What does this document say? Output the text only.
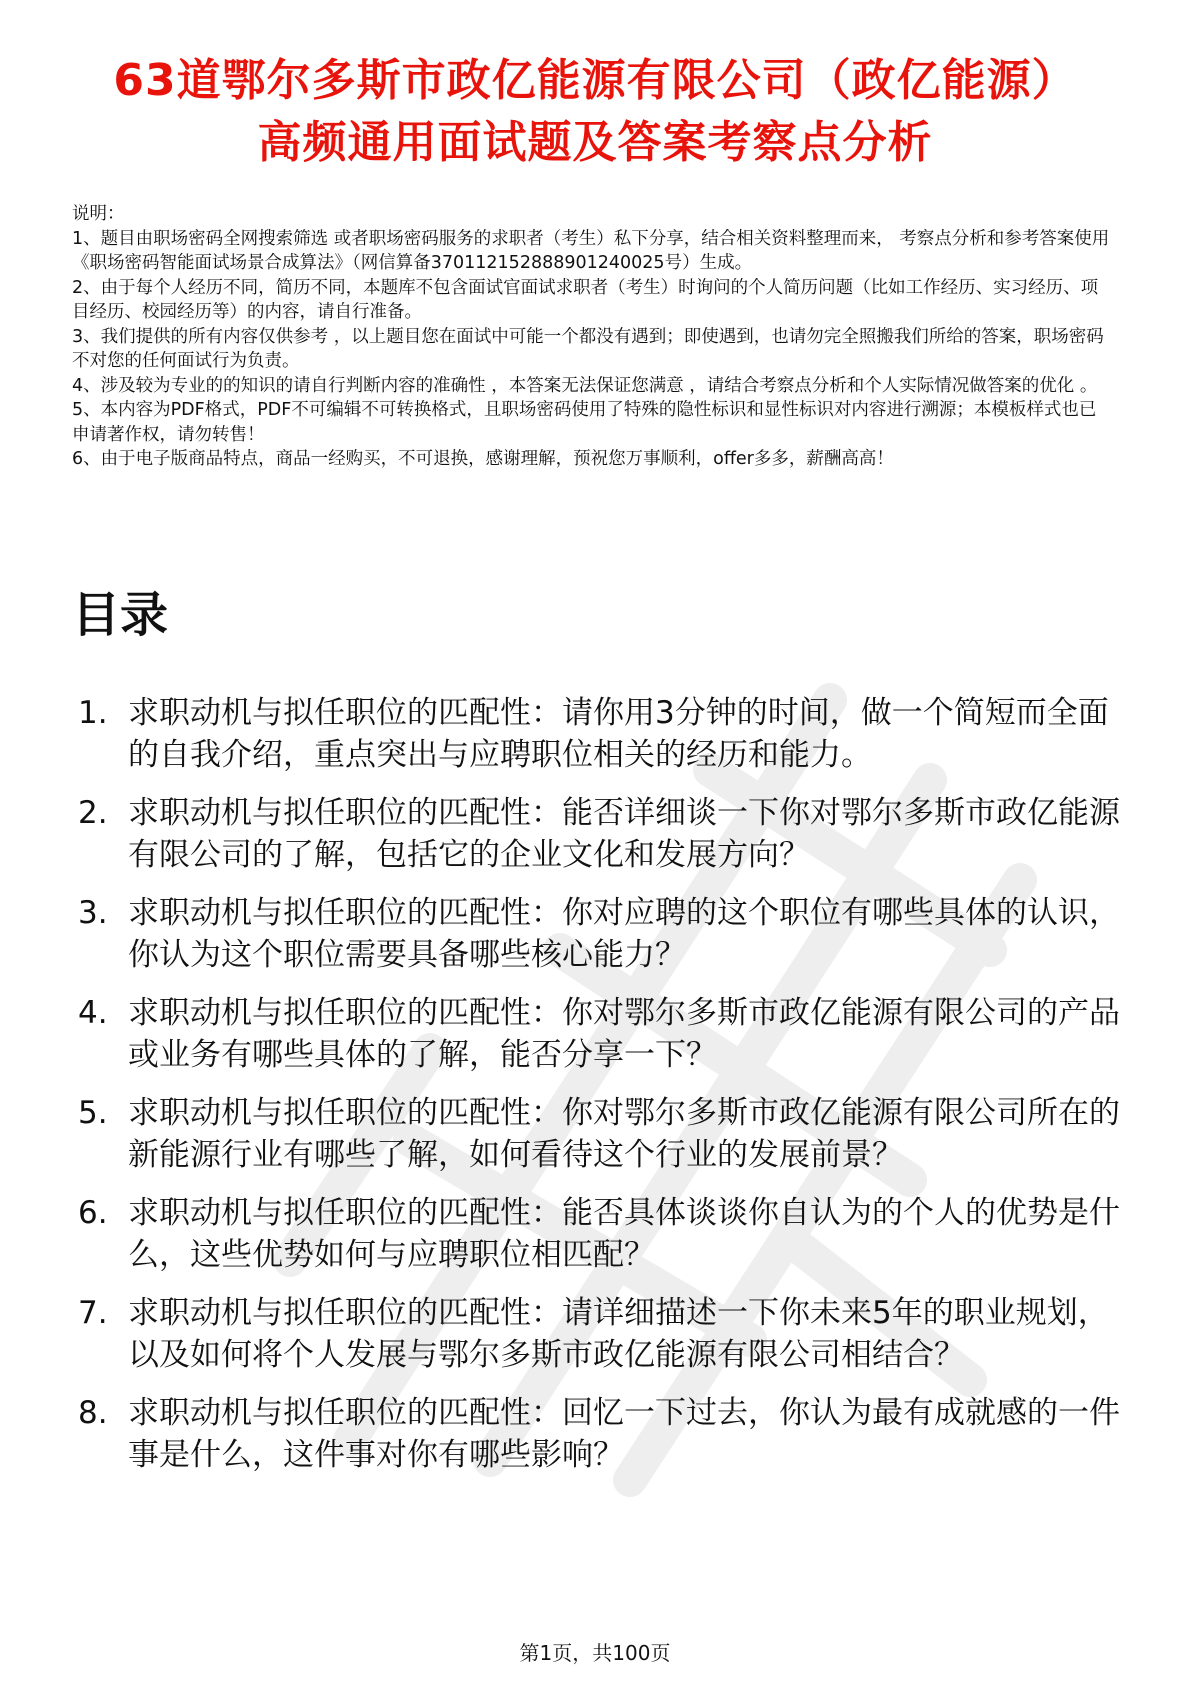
63道鄂尔多斯市政亿能源有限公司（政亿能源）高频通用面试题及答案考察点分析

说明：

1、题目由职场密码全网搜索筛选 或者职场密码服务的求职者（考生）私下分享，结合相关资料整理而来， 考察点分析和参考答案使用《职场密码智能面试场景合成算法》（网信算备370112152888901240025号）生成。

2、由于每个人经历不同，简历不同，本题库不包含面试官面试求职者（考生）时询问的个人简历问题（比如工作经历、实习经历、项目经历、校园经历等）的内容，请自行准备。

3、我们提供的所有内容仅供参考 ，以上题目您在面试中可能一个都没有遇到；即使遇到，也请勿完全照搬我们所给的答案，职场密码不对您的任何面试行为负责。

4、涉及较为专业的的知识的请自行判断内容的准确性 ，本答案无法保证您满意 ，请结合考察点分析和个人实际情况做答案的优化 。

5、本内容为PDF格式，PDF不可编辑不可转换格式，且职场密码使用了特殊的隐性标识和显性标识对内容进行溯源；本模板样式也已申请著作权，请勿转售！

6、由于电子版商品特点，商品一经购买，不可退换，感谢理解，预祝您万事顺利，offer多多，薪酬高高！

目录
1. 求职动机与拟任职位的匹配性：请你用3分钟的时间，做一个简短而全面的自我介绍，重点突出与应聘职位相关的经历和能力。
2. 求职动机与拟任职位的匹配性：能否详细谈一下你对鄂尔多斯市政亿能源有限公司的了解，包括它的企业文化和发展方向？
3. 求职动机与拟任职位的匹配性：你对应聘的这个职位有哪些具体的认识，你认为这个职位需要具备哪些核心能力？
4. 求职动机与拟任职位的匹配性：你对鄂尔多斯市政亿能源有限公司的产品或业务有哪些具体的了解，能否分享一下？
5. 求职动机与拟任职位的匹配性：你对鄂尔多斯市政亿能源有限公司所在的新能源行业有哪些了解，如何看待这个行业的发展前景？
6. 求职动机与拟任职位的匹配性：能否具体谈谈你自认为的个人的优势是什么，这些优势如何与应聘职位相匹配？
7. 求职动机与拟任职位的匹配性：请详细描述一下你未来5年的职业规划，以及如何将个人发展与鄂尔多斯市政亿能源有限公司相结合？
8. 求职动机与拟任职位的匹配性：回忆一下过去，你认为最有成就感的一件事是什么，这件事对你有哪些影响？
第1页，共100页
